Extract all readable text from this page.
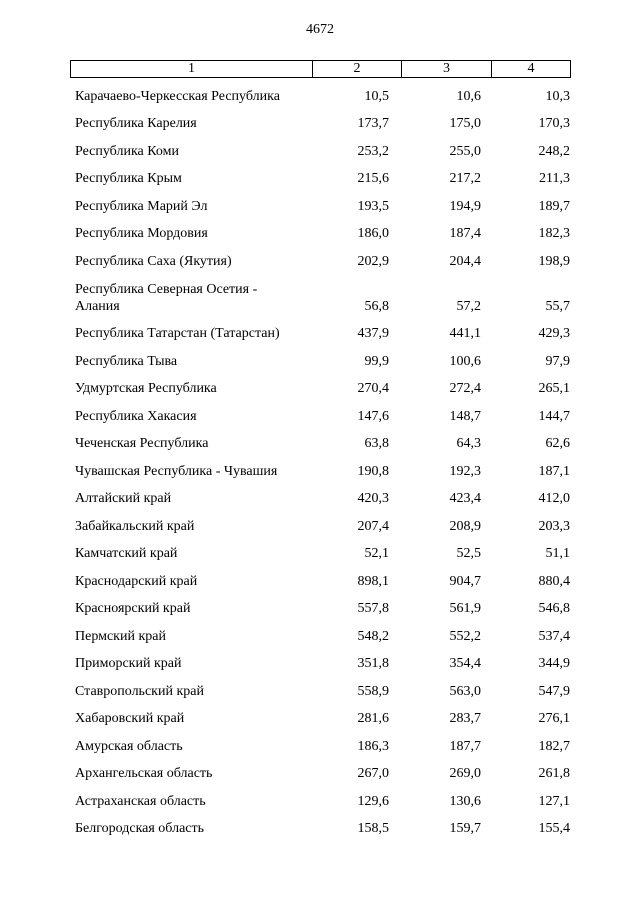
4672
1	2	3	4
Карачаево-Черкесская Республика	10,5	10,6	10,3
Республика Карелия	173,7	175,0	170,3
Республика Коми	253,2	255,0	248,2
Республика Крым	215,6	217,2	211,3
Республика Марий Эл	193,5	194,9	189,7
Республика Мордовия	186,0	187,4	182,3
Республика Саха (Якутия)	202,9	204,4	198,9
Республика Северная Осетия - Алания	56,8	57,2	55,7
Республика Татарстан (Татарстан)	437,9	441,1	429,3
Республика Тыва	99,9	100,6	97,9
Удмуртская Республика	270,4	272,4	265,1
Республика Хакасия	147,6	148,7	144,7
Чеченская Республика	63,8	64,3	62,6
Чувашская Республика - Чувашия	190,8	192,3	187,1
Алтайский край	420,3	423,4	412,0
Забайкальский край	207,4	208,9	203,3
Камчатский край	52,1	52,5	51,1
Краснодарский край	898,1	904,7	880,4
Красноярский край	557,8	561,9	546,8
Пермский край	548,2	552,2	537,4
Приморский край	351,8	354,4	344,9
Ставропольский край	558,9	563,0	547,9
Хабаровский край	281,6	283,7	276,1
Амурская область	186,3	187,7	182,7
Архангельская область	267,0	269,0	261,8
Астраханская область	129,6	130,6	127,1
Белгородская область	158,5	159,7	155,4
